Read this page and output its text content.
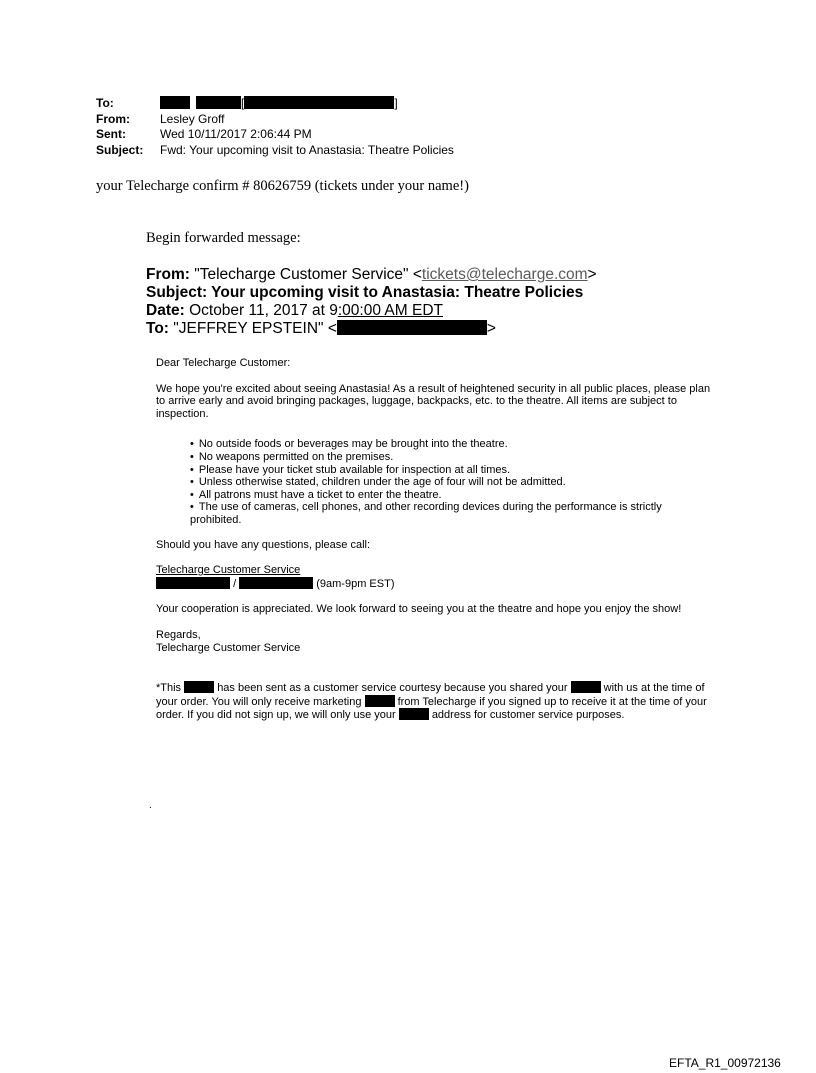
To:	[	]
From:	Lesley Groff
Sent:	Wed 10/11/2017 2:06:44 PM
Subject:	Fwd: Your upcoming visit to Anastasia: Theatre Policies
your Telecharge confirm # 80626759 (tickets under your name!)
Begin forwarded message:
From: "Telecharge Customer Service" <tickets@telecharge.com>
Subject: Your upcoming visit to Anastasia: Theatre Policies
Date: October 11, 2017 at 9:00:00 AM EDT
To: "JEFFREY EPSTEIN" <	>

Dear Telecharge Customer:

We hope you're excited about seeing Anastasia! As a result of heightened security in all public places, please plan to arrive early and avoid bringing packages, luggage, backpacks, etc. to the theatre. All items are subject to inspection.

• No outside foods or beverages may be brought into the theatre.
• No weapons permitted on the premises.
• Please have your ticket stub available for inspection at all times.
• Unless otherwise stated, children under the age of four will not be admitted.
• All patrons must have a ticket to enter the theatre.
• The use of cameras, cell phones, and other recording devices during the performance is strictly prohibited.

Should you have any questions, please call:

Telecharge Customer Service
/	(9am-9pm EST)

Your cooperation is appreciated. We look forward to seeing you at the theatre and hope you enjoy the show!

Regards,
Telecharge Customer Service

*This	has been sent as a customer service courtesy because you shared your	with us at the time of your order. You will only receive marketing	from Telecharge if you signed up to receive it at the time of your order. If you did not sign up, we will only use your	address for customer service purposes.

.
EFTA_R1_00972136
